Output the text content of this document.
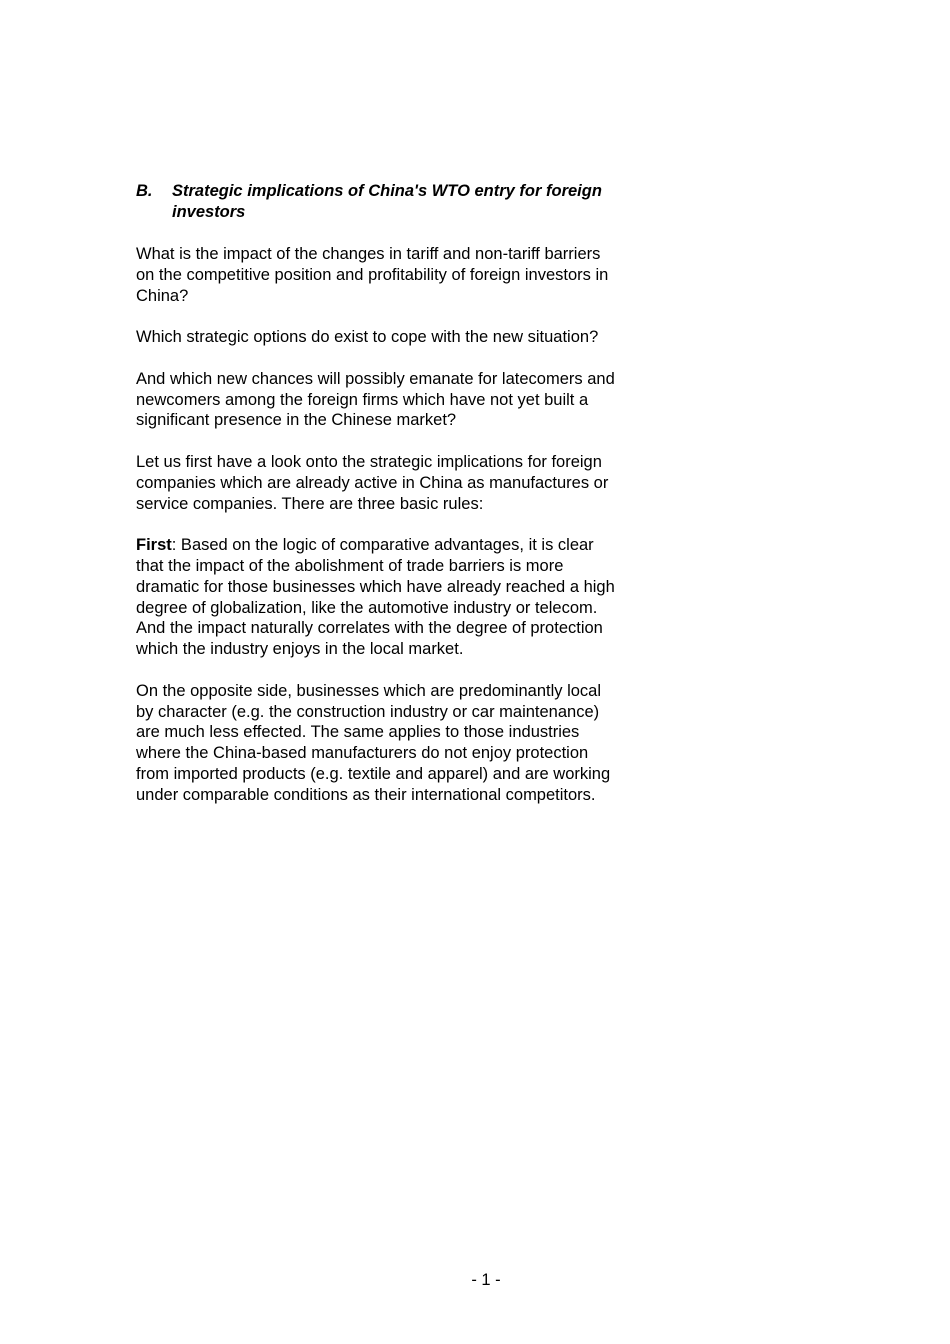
B. Strategic implications of China's WTO entry for foreign
investors

What is the impact of the changes in tariff and non-tariff barriers
on the competitive position and profitability of foreign investors in
China?

Which strategic options do exist to cope with the new situation?

And which new chances will possibly emanate for latecomers and
newcomers among the foreign firms which have not yet built a
significant presence in the Chinese market?

Let us first have a look onto the strategic implications for foreign
companies which are already active in China as manufactures or
service companies. There are three basic rules:

First: Based on the logic of comparative advantages, it is clear
that the impact of the abolishment of trade barriers is more
dramatic for those businesses which have already reached a high
degree of globalization, like the automotive industry or telecom.
And the impact naturally correlates with the degree of protection
which the industry enjoys in the local market.

On the opposite side, businesses which are predominantly local
by character (e.g. the construction industry or car maintenance)
are much less effected. The same applies to those industries
where the China-based manufacturers do not enjoy protection
from imported products (e.g. textile and apparel) and are working
under comparable conditions as their international competitors.

- 1 -
